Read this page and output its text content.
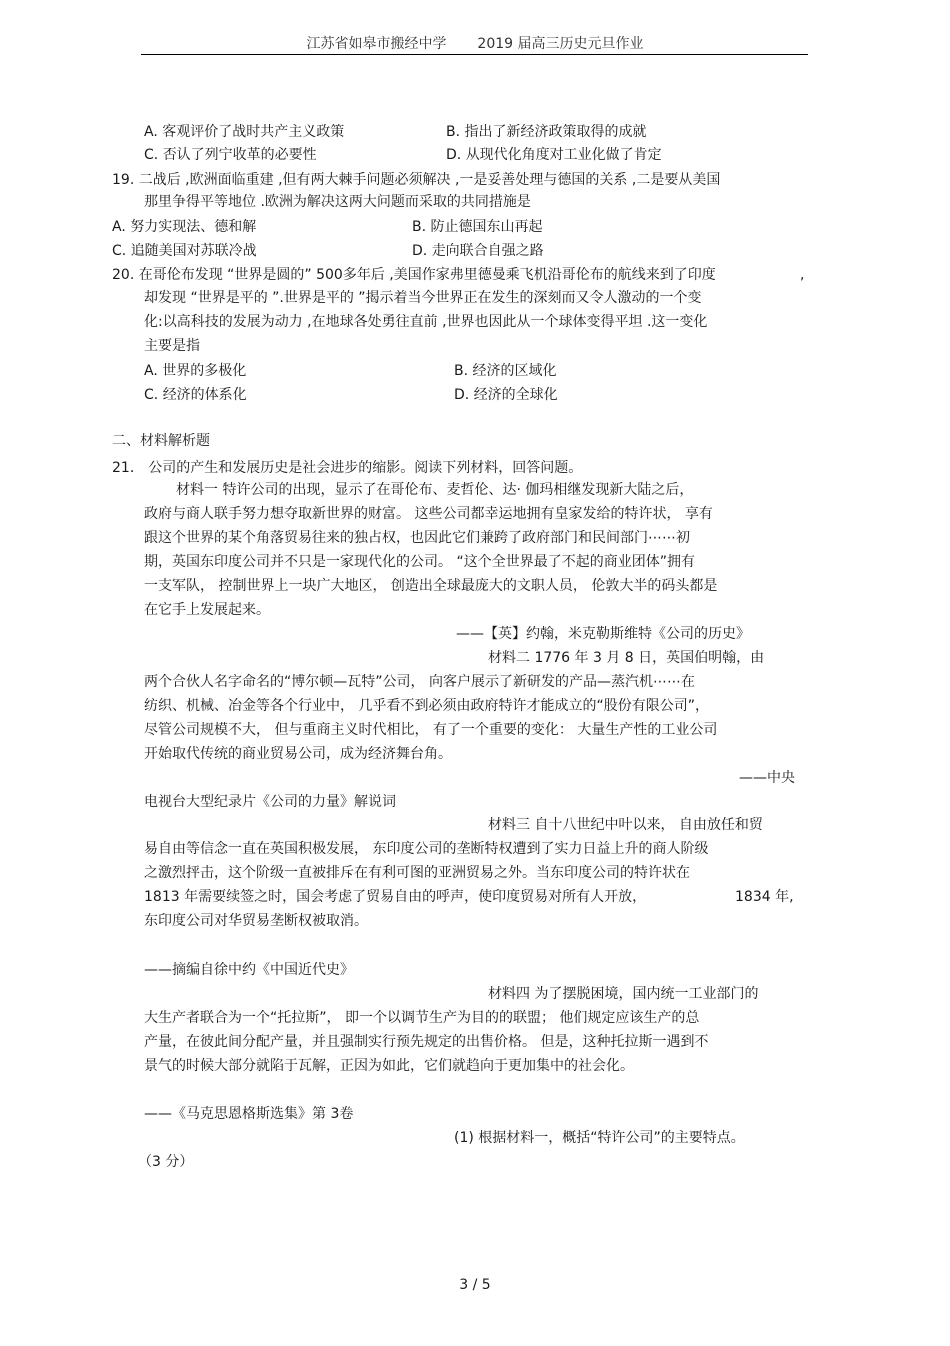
江苏省如皋市搬经中学 2019 届高三历史元旦作业
A. 客观评价了战时共产主义政策	B. 指出了新经济政策取得的成就
C. 否认了列宁收革的必要性	D. 从现代化角度对工业化做了肯定
19. 二战后 ,欧洲面临重建 ,但有两大棘手问题必须解决 ,一是妥善处理与德国的关系 ,二是要从美国
那里争得平等地位 .欧洲为解决这两大问题而采取的共同措施是
A. 努力实现法、德和解	B. 防止德国东山再起
C. 追随美国对苏联冷战	D. 走向联合自强之路
20. 在哥伦布发现 “世界是圆的” 500多年后 ,美国作家弗里德曼乘飞机沿哥伦布的航线来到了印度	,
却发现 “世界是平的 ”.世界是平的 ”揭示着当今世界正在发生的深刻而又令人激动的一个变
化:以高科技的发展为动力 ,在地球各处勇往直前 ,世界也因此从一个球体变得平坦 .这一变化
主要是指
A. 世界的多极化	B. 经济的区域化
C. 经济的体系化	D. 经济的全球化
二、材料解析题
21． 公司的产生和发展历史是社会进步的缩影。阅读下列材料，回答问题。
材料一 特许公司的出现，显示了在哥伦布、麦哲伦、达· 伽玛相继发现新大陆之后，
政府与商人联手努力想夺取新世界的财富。 这些公司都幸运地拥有皇家发给的特许状， 享有
跟这个世界的某个角落贸易往来的独占权，也因此它们兼跨了政府部门和民间部门⋯⋯初
期，英国东印度公司并不只是一家现代化的公司。 “这个全世界最了不起的商业团体”拥有
一支军队， 控制世界上一块广大地区， 创造出全球最庞大的文职人员， 伦敦大半的码头都是
在它手上发展起来。
——【英】约翰，米克勒斯维特《公司的历史》
材料二 1776 年 3 月 8 日，英国伯明翰，由
两个合伙人名字命名的“博尔顿—瓦特”公司， 向客户展示了新研发的产品—蒸汽机⋯⋯在
纺织、机械、冶金等各个行业中， 几乎看不到必须由政府特许才能成立的“股份有限公司”，
尽管公司规模不大， 但与重商主义时代相比， 有了一个重要的变化： 大量生产性的工业公司
开始取代传统的商业贸易公司，成为经济舞台角。
——中央
电视台大型纪录片《公司的力量》解说词
材料三 自十八世纪中叶以来， 自由放任和贸
易自由等信念一直在英国积极发展， 东印度公司的垄断特权遭到了实力日益上升的商人阶级
之激烈抨击，这个阶级一直被排斥在有利可图的亚洲贸易之外。当东印度公司的特许状在
1813 年需要续签之时，国会考虑了贸易自由的呼声，使印度贸易对所有人开放，	1834 年,
东印度公司对华贸易垄断权被取消。
——摘编自徐中约《中国近代史》
材料四 为了摆脱困境，国内统一工业部门的
大生产者联合为一个“托拉斯”， 即一个以调节生产为目的的联盟； 他们规定应该生产的总
产量，在彼此间分配产量，并且强制实行预先规定的出售价格。 但是，这种托拉斯一遇到不
景气的时候大部分就陷于瓦解，正因为如此，它们就趋向于更加集中的社会化。
——《马克思恩格斯选集》第 3卷
(1) 根据材料一，概括“特许公司”的主要特点。
（3 分）
3 / 5
